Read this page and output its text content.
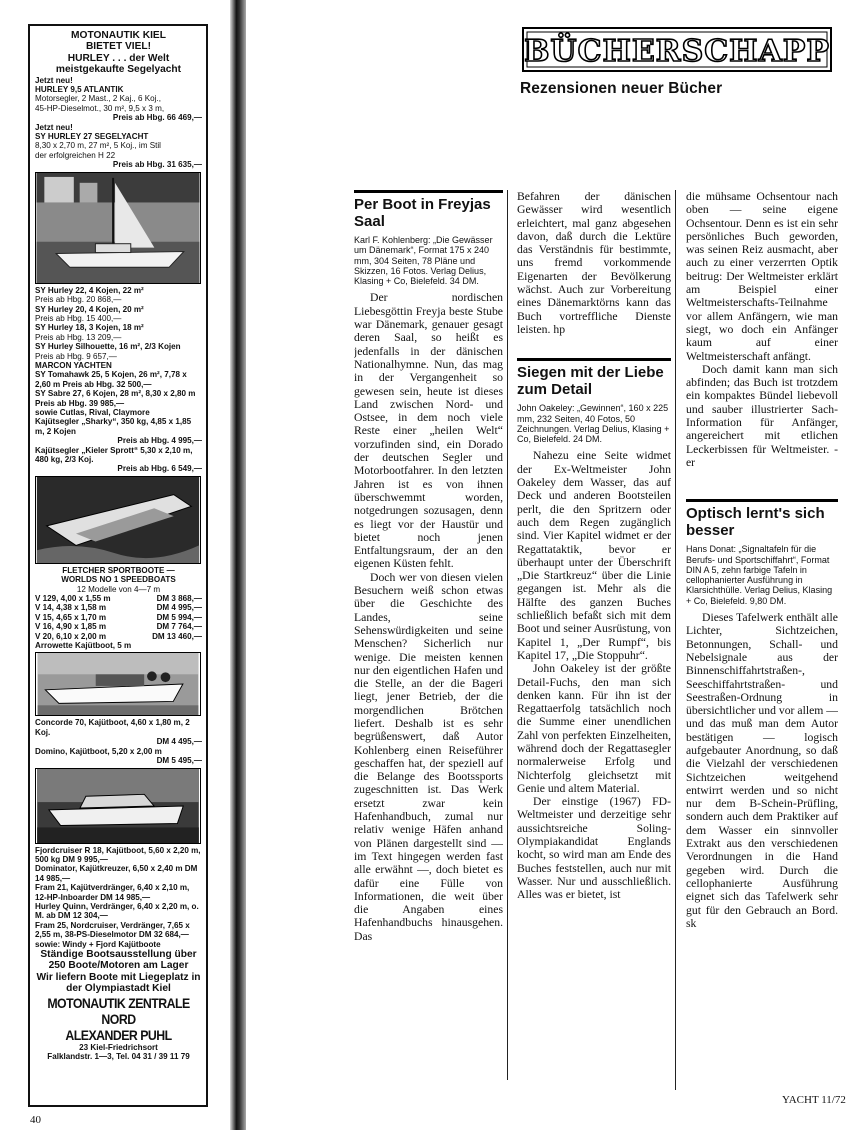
MOTONAUTIK KIEL
BIETET VIEL!
HURLEY . . . der Welt
meistgekaufte Segelyacht
Jetzt neu!
HURLEY 9,5 ATLANTIK
Motorsegler, 2 Mast., 2 Kaj., 6 Koj.,
45-HP-Dieselmot., 30 m², 9,5 x 3 m,
Preis ab Hbg. 66 469,—
Jetzt neu!
SY HURLEY 27 SEGELYACHT
8,30 x 2,70 m, 27 m², 5 Koj., im Stil
der erfolgreichen H 22
Preis ab Hbg. 31 635,—
SY Hurley 22, 4 Kojen, 22 m²
Preis ab Hbg. 20 868,—
SY Hurley 20, 4 Kojen, 20 m²
Preis ab Hbg. 15 400,—
SY Hurley 18, 3 Kojen, 18 m²
Preis ab Hbg. 13 209,—
SY Hurley Silhouette, 16 m², 2/3 Kojen
Preis ab Hbg. 9 657,—
MARCON YACHTEN
SY Tomahawk 25, 5 Kojen, 26 m², 7,78 x 2,60 m Preis ab Hbg. 32 500,—
SY Sabre 27, 6 Kojen, 28 m², 8,30 x 2,80 m Preis ab Hbg. 39 985,—
sowie Cutlas, Rival, Claymore
Kajütsegler „Sharky“, 350 kg, 4,85 x 1,85 m, 2 Kojen
Preis ab Hbg. 4 995,—
Kajütsegler „Kieler Sprott“ 5,30 x 2,10 m, 480 kg, 2/3 Koj.
Preis ab Hbg. 6 549,—
FLETCHER SPORTBOOTE —
WORLDS NO 1 SPEEDBOATS
12 Modelle von 4—7 m
V 129, 4,00 x 1,55 m	DM 3 868,—
V 14, 4,38 x 1,58 m	DM 4 995,—
V 15, 4,65 x 1,70 m	DM 5 994,—
V 16, 4,90 x 1,85 m	DM 7 764,—
V 20, 6,10 x 2,00 m	DM 13 460,—
Arrowette Kajütboot, 5 m
Concorde 70, Kajütboot, 4,60 x 1,80 m, 2 Koj.
DM 4 495,—
Domino, Kajütboot, 5,20 x 2,00 m
DM 5 495,—
Fjordcruiser R 18, Kajütboot, 5,60 x 2,20 m, 500 kg DM 9 995,—
Dominator, Kajütkreuzer, 6,50 x 2,40 m DM 14 985,—
Fram 21, Kajütverdränger, 6,40 x 2,10 m, 12-HP-Inboarder DM 14 985,—
Hurley Quinn, Verdränger, 6,40 x 2,20 m, o. M. ab DM 12 304,—
Fram 25, Nordcruiser, Verdränger, 7,65 x 2,55 m, 38-PS-Dieselmotor DM 32 684,—
sowie: Windy + Fjord Kajütboote
Ständige Bootsausstellung über 250 Boote/Motoren am Lager
Wir liefern Boote mit Liegeplatz in der Olympiastadt Kiel
MOTONAUTIK ZENTRALE NORD
ALEXANDER PUHL
23 Kiel-Friedrichsort
Falklandstr. 1—3, Tel. 04 31 / 39 11 79
BÜCHERSCHAPP
Rezensionen neuer Bücher
Per Boot in Freyjas Saal
Karl F. Kohlenberg: „Die Gewässer um Dänemark“, Format 175 x 240 mm, 304 Seiten, 78 Pläne und Skizzen, 16 Fotos. Verlag Delius, Klasing + Co, Bielefeld. 34 DM.

Der nordischen Liebesgöttin Freyja beste Stube war Dänemark, genauer gesagt deren Saal, so heißt es jedenfalls in der dänischen Nationalhymne. Nun, das mag in der Vergangenheit so gewesen sein, heute ist dieses Land zwischen Nord- und Ostsee, in dem noch viele Reste einer „heilen Welt“ vorzufinden sind, ein Dorado der deutschen Segler und Motorbootfahrer. In den letzten Jahren ist es von ihnen überschwemmt worden, notgedrungen sozusagen, denn es liegt vor der Haustür und bietet noch jenen Entfaltungsraum, der an den eigenen Küsten fehlt.

Doch wer von diesen vielen Besuchern weiß schon etwas über die Geschichte des Landes, seine Sehenswürdigkeiten und seine Menschen? Sicherlich nur wenige. Die meisten kennen nur den eigentlichen Hafen und die Stelle, an der die Bageri liegt, jener Betrieb, der die morgendlichen Brötchen liefert. Deshalb ist es sehr begrüßenswert, daß Autor Kohlenberg einen Reiseführer geschaffen hat, der speziell auf die Belange des Bootssports zugeschnitten ist. Das Werk ersetzt zwar kein Hafenhandbuch, zumal nur relativ wenige Häfen anhand von Plänen dargestellt sind — im Text hingegen werden fast alle erwähnt —, doch bietet es dafür eine Fülle von Informationen, die weit über die Angaben eines Hafenhandbuchs hinausgehen. Das

Befahren der dänischen Gewässer wird wesentlich erleichtert, mal ganz abgesehen davon, daß durch die Lektüre das Verständnis für bestimmte, uns fremd vorkommende Eigenarten der Bevölkerung wächst. Auch zur Vorbereitung eines Dänemarktörns kann das Buch vortreffliche Dienste leisten. hp

Siegen mit der Liebe zum Detail
John Oakeley: „Gewinnen“, 160 x 225 mm, 232 Seiten, 40 Fotos, 50 Zeichnungen. Verlag Delius, Klasing + Co, Bielefeld. 24 DM.

Nahezu eine Seite widmet der Ex-Weltmeister John Oakeley dem Wasser, das auf Deck und anderen Bootsteilen perlt, die den Spritzern oder auch dem Regen zugänglich sind. Vier Kapitel widmet er der Regattataktik, bevor er überhaupt unter der Überschrift „Die Startkreuz“ über die Linie gegangen ist. Mehr als die Hälfte des ganzen Buches schließlich befaßt sich mit dem Boot und seiner Ausrüstung, von Kapitel 1, „Der Rumpf“, bis Kapitel 17, „Die Stoppuhr“.

John Oakeley ist der größte Detail-Fuchs, den man sich denken kann. Für ihn ist der Regattaerfolg tatsächlich noch die Summe einer unendlichen Zahl von perfekten Einzelheiten, während doch der Regattasegler normalerweise Erfolg und Nichterfolg gleichsetzt mit Genie und altem Material.

Der einstige (1967) FD-Weltmeister und derzeitige sehr aussichtsreiche Soling-Olympiakandidat Englands kocht, so wird man am Ende des Buches feststellen, auch nur mit Wasser. Nur und ausschließlich. Alles was er bietet, ist

die mühsame Ochsentour nach oben — seine eigene Ochsentour. Denn es ist ein sehr persönliches Buch geworden, was seinen Reiz ausmacht, aber auch zu einer verzerrten Optik beitrug: Der Weltmeister erklärt am Beispiel einer Weltmeisterschafts-Teilnahme vor allem Anfängern, wie man siegt, wo doch ein Anfänger kaum auf einer Weltmeisterschaft anfängt.

Doch damit kann man sich abfinden; das Buch ist trotzdem ein kompaktes Bündel liebevoll und sauber illustrierter Sach-Information für Anfänger, angereichert mit etlichen Leckerbissen für Weltmeister. -er

Optisch lernt's sich besser
Hans Donat: „Signaltafeln für die Berufs- und Sportschiffahrt“, Format DIN A 5, zehn farbige Tafeln in cellophanierter Ausführung in Klarsichthülle. Verlag Delius, Klasing + Co, Bielefeld. 9,80 DM.

Dieses Tafelwerk enthält alle Lichter, Sichtzeichen, Betonnungen, Schall- und Nebelsignale aus der Binnenschiffahrtstraßen-, Seeschiffahrtstraßen- und Seestraßen-Ordnung in übersichtlicher und vor allem — und das muß man dem Autor bestätigen — logisch aufgebauter Anordnung, so daß die Vielzahl der verschiedenen Sichtzeichen weitgehend entwirrt werden und so nicht nur dem B-Schein-Prüfling, sondern auch dem Praktiker auf dem Wasser ein sinnvoller Extrakt aus den verschiedenen Verordnungen in die Hand gegeben wird. Durch die cellophanierte Ausführung eignet sich das Tafelwerk sehr gut für den Gebrauch an Bord. sk

40
YACHT 11/72
